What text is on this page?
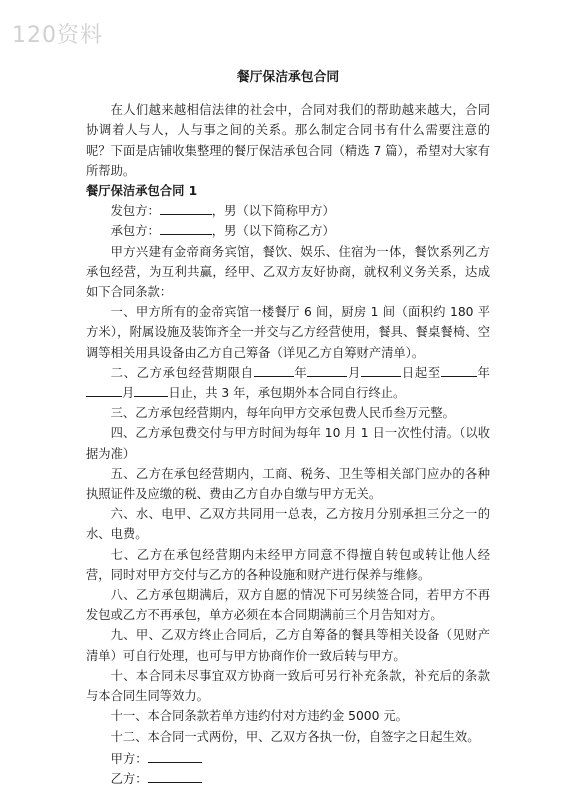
120资料
餐厅保洁承包合同
在人们越来越相信法律的社会中，合同对我们的帮助越来越大，合同协调着人与人，人与事之间的关系。那么制定合同书有什么需要注意的呢？下面是店铺收集整理的餐厅保洁承包合同（精选 7 篇），希望对大家有所帮助。
餐厅保洁承包合同 1
发包方：	，男（以下简称甲方）
承包方：	，男（以下简称乙方）
甲方兴建有金帝商务宾馆，餐饮、娱乐、住宿为一体，餐饮系列乙方承包经营，为互利共赢，经甲、乙双方友好协商，就权利义务关系，达成如下合同条款：
一、甲方所有的金帝宾馆一楼餐厅 6 间，厨房 1 间（面积约 180 平方米），附属设施及装饰齐全一并交与乙方经营使用，餐具、餐桌餐椅、空调等相关用具设备由乙方自己筹备（详见乙方自筹财产清单）。
二、乙方承包经营期限自	年	月	日起至	年月	日止，共 3 年，承包期外本合同自行终止。
三、乙方承包经营期内，每年向甲方交承包费人民币叁万元整。
四、乙方承包费交付与甲方时间为每年 10 月 1 日一次性付清。（以收据为准）
五、乙方在承包经营期内，工商、税务、卫生等相关部门应办的各种执照证件及应缴的税、费由乙方自办自缴与甲方无关。
六、水、电甲、乙双方共同用一总表，乙方按月分别承担三分之一的水、电费。
七、乙方在承包经营期内未经甲方同意不得擅自转包或转让他人经营，同时对甲方交付与乙方的各种设施和财产进行保养与维修。
八、乙方承包期满后，双方自愿的情况下可另续签合同，若甲方不再发包或乙方不再承包，单方必须在本合同期满前三个月告知对方。
九、甲、乙双方终止合同后，乙方自筹备的餐具等相关设备（见财产清单）可自行处理，也可与甲方协商作价一致后转与甲方。
十、本合同未尽事宜双方协商一致后可另行补充条款，补充后的条款与本合同生同等效力。
十一、本合同条款若单方违约付对方违约金 5000 元。
十二、本合同一式两份，甲、乙双方各执一份，自签字之日起生效。
甲方：
乙方：
